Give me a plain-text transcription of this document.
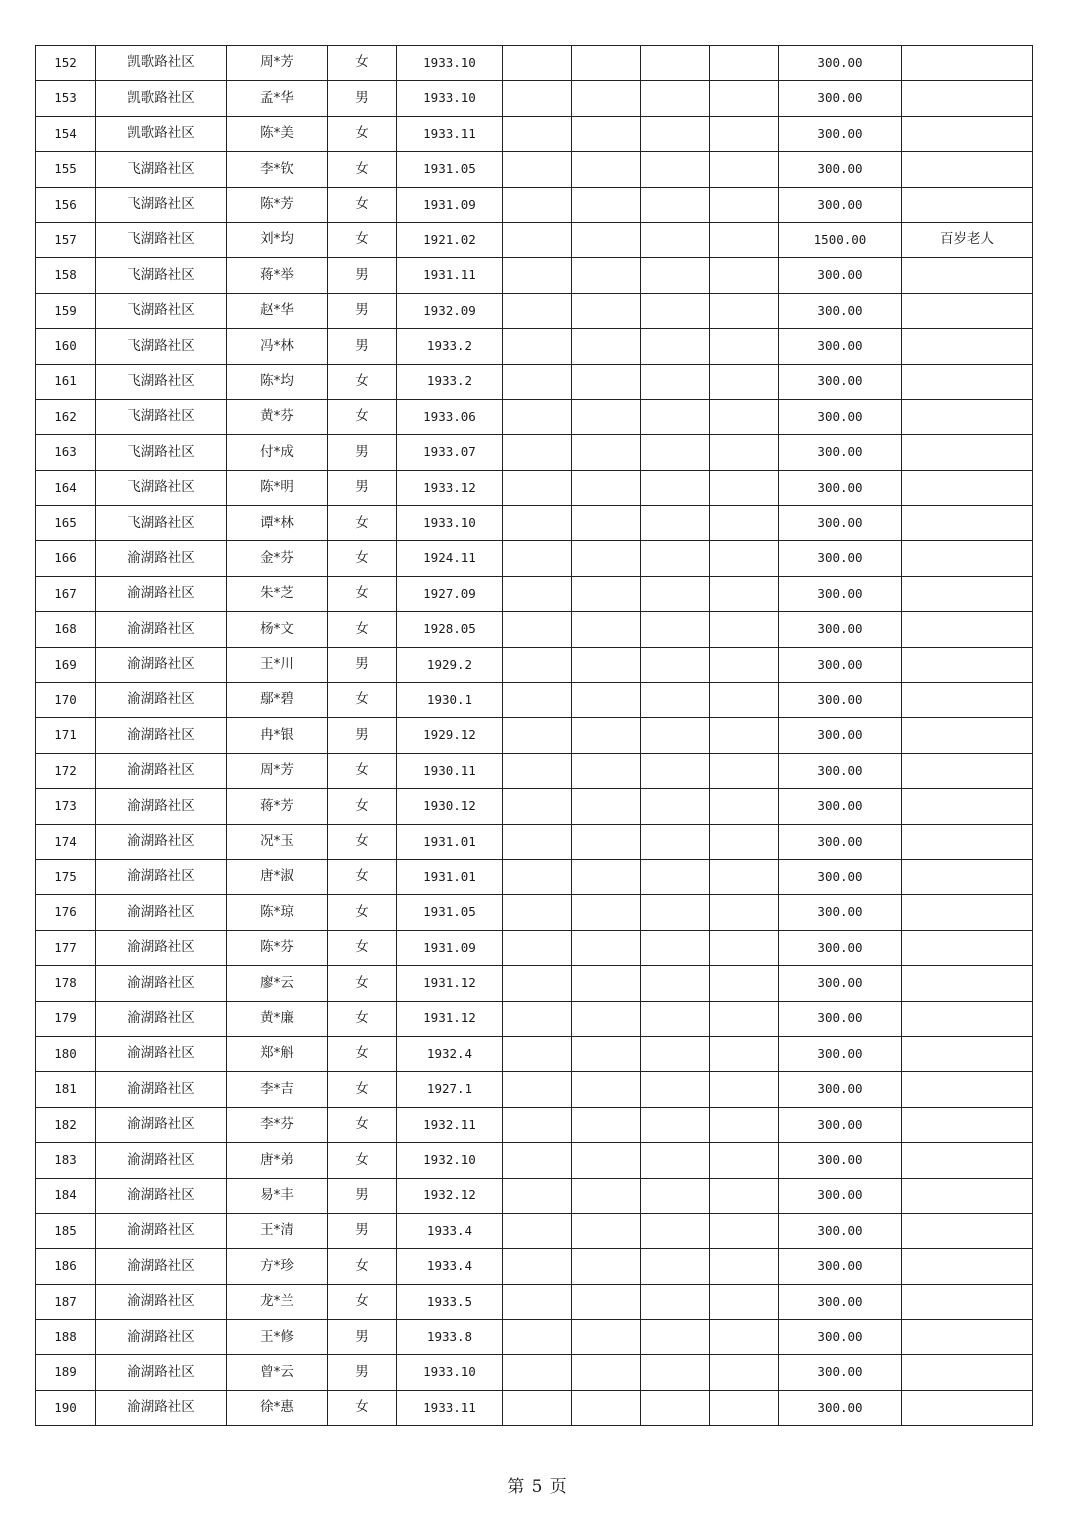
152	凯歌路社区	周*芳	女	1933.10					300.00	
153	凯歌路社区	孟*华	男	1933.10					300.00	
154	凯歌路社区	陈*美	女	1933.11					300.00	
155	飞湖路社区	李*钦	女	1931.05					300.00	
156	飞湖路社区	陈*芳	女	1931.09					300.00	
157	飞湖路社区	刘*均	女	1921.02					1500.00	百岁老人
158	飞湖路社区	蒋*举	男	1931.11					300.00	
159	飞湖路社区	赵*华	男	1932.09					300.00	
160	飞湖路社区	冯*林	男	1933.2					300.00	
161	飞湖路社区	陈*均	女	1933.2					300.00	
162	飞湖路社区	黄*芬	女	1933.06					300.00	
163	飞湖路社区	付*成	男	1933.07					300.00	
164	飞湖路社区	陈*明	男	1933.12					300.00	
165	飞湖路社区	谭*林	女	1933.10					300.00	
166	渝湖路社区	金*芬	女	1924.11					300.00	
167	渝湖路社区	朱*芝	女	1927.09					300.00	
168	渝湖路社区	杨*文	女	1928.05					300.00	
169	渝湖路社区	王*川	男	1929.2					300.00	
170	渝湖路社区	鄢*碧	女	1930.1					300.00	
171	渝湖路社区	冉*银	男	1929.12					300.00	
172	渝湖路社区	周*芳	女	1930.11					300.00	
173	渝湖路社区	蒋*芳	女	1930.12					300.00	
174	渝湖路社区	况*玉	女	1931.01					300.00	
175	渝湖路社区	唐*淑	女	1931.01					300.00	
176	渝湖路社区	陈*琼	女	1931.05					300.00	
177	渝湖路社区	陈*芬	女	1931.09					300.00	
178	渝湖路社区	廖*云	女	1931.12					300.00	
179	渝湖路社区	黄*廉	女	1931.12					300.00	
180	渝湖路社区	郑*斛	女	1932.4					300.00	
181	渝湖路社区	李*吉	女	1927.1					300.00	
182	渝湖路社区	李*芬	女	1932.11					300.00	
183	渝湖路社区	唐*弟	女	1932.10					300.00	
184	渝湖路社区	易*丰	男	1932.12					300.00	
185	渝湖路社区	王*清	男	1933.4					300.00	
186	渝湖路社区	方*珍	女	1933.4					300.00	
187	渝湖路社区	龙*兰	女	1933.5					300.00	
188	渝湖路社区	王*修	男	1933.8					300.00	
189	渝湖路社区	曾*云	男	1933.10					300.00	
190	渝湖路社区	徐*惠	女	1933.11					300.00	
第 5 页
